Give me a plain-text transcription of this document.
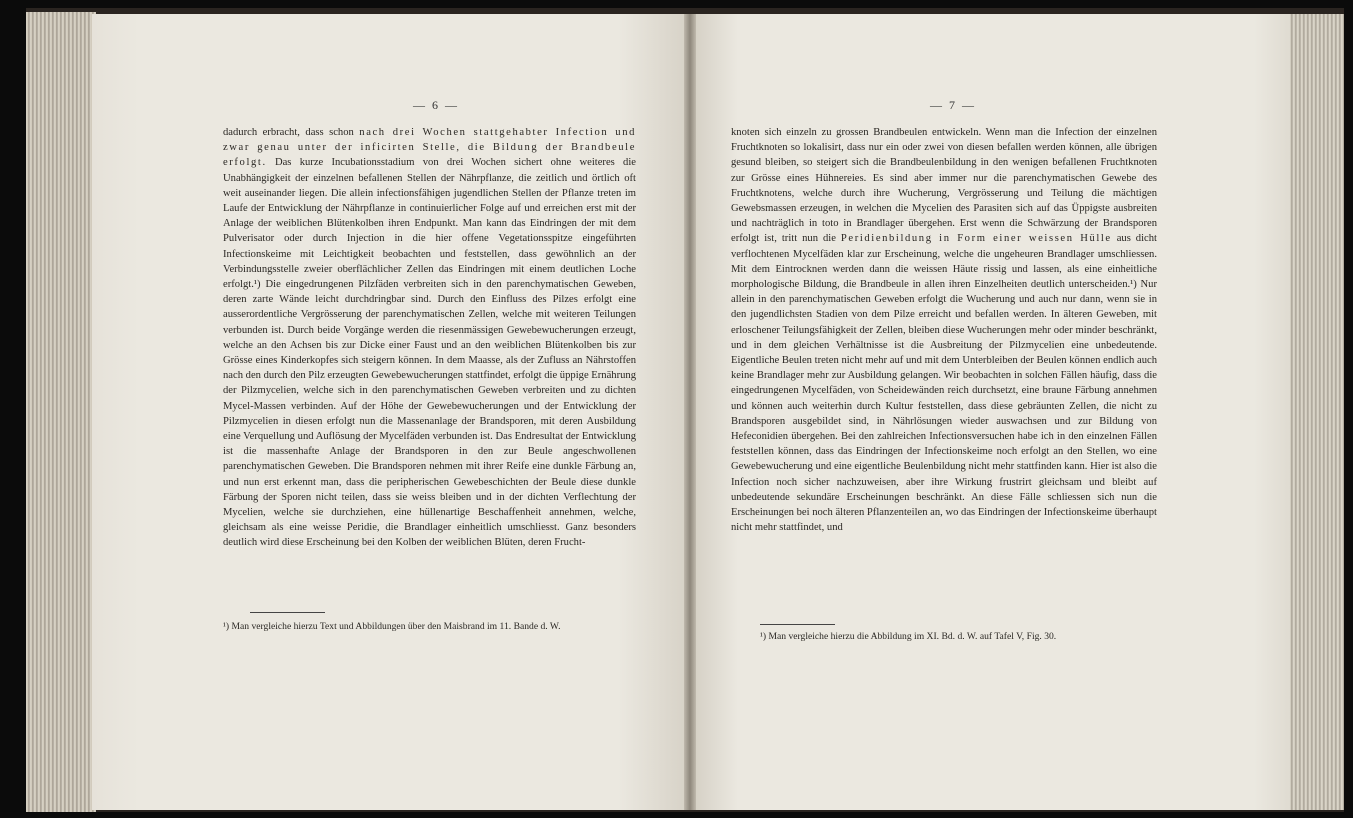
— 6 —

dadurch erbracht, dass schon nach drei Wochen stattgehabter Infection und zwar genau unter der inficirten Stelle, die Bildung der Brandbeule erfolgt. Das kurze Incubationsstadium von drei Wochen sichert ohne weiteres die Unabhängigkeit der einzelnen befallenen Stellen der Nährpflanze, die zeitlich und örtlich oft weit auseinander liegen. Die allein infectionsfähigen jugendlichen Stellen der Pflanze treten im Laufe der Entwicklung der Nährpflanze in continuierlicher Folge auf und erreichen erst mit der Anlage der weiblichen Blütenkolben ihren Endpunkt. Man kann das Eindringen der mit dem Pulverisator oder durch Injection in die hier offene Vegetationsspitze eingeführten Infectionskeime mit Leichtigkeit beobachten und feststellen, dass gewöhnlich an der Verbindungsstelle zweier oberflächlicher Zellen das Eindringen mit einem deutlichen Loche erfolgt.¹) Die eingedrungenen Pilzfäden verbreiten sich in den parenchymatischen Geweben, deren zarte Wände leicht durchdringbar sind. Durch den Einfluss des Pilzes erfolgt eine ausserordentliche Vergrösserung der parenchymatischen Zellen, welche mit weiteren Teilungen verbunden ist. Durch beide Vorgänge werden die riesenmässigen Gewebewucherungen erzeugt, welche an den Achsen bis zur Dicke einer Faust und an den weiblichen Blütenkolben bis zur Grösse eines Kinderkopfes sich steigern können. In dem Maasse, als der Zufluss an Nährstoffen nach den durch den Pilz erzeugten Gewebewucherungen stattfindet, erfolgt die üppige Ernährung der Pilzmycelien, welche sich in den parenchymatischen Geweben verbreiten und zu dichten Mycel-Massen verbinden. Auf der Höhe der Gewebewucherungen und der Entwicklung der Pilzmycelien in diesen erfolgt nun die Massenanlage der Brandsporen, mit deren Ausbildung eine Verquellung und Auflösung der Mycelfäden verbunden ist. Das Endresultat der Entwicklung ist die massenhafte Anlage der Brandsporen in den zur Beule angeschwollenen parenchymatischen Geweben. Die Brandsporen nehmen mit ihrer Reife eine dunkle Färbung an, und nun erst erkennt man, dass die peripherischen Gewebeschichten der Beule diese dunkle Färbung der Sporen nicht teilen, dass sie weiss bleiben und in der dichten Verflechtung der Mycelien, welche sie durchziehen, eine hüllenartige Beschaffenheit annehmen, welche, gleichsam als eine weisse Peridie, die Brandlager einheitlich umschliesst. Ganz besonders deutlich wird diese Erscheinung bei den Kolben der weiblichen Blüten, deren Frucht-

¹) Man vergleiche hierzu Text und Abbildungen über den Maisbrand im 11. Bande d. W.
— 7 —

knoten sich einzeln zu grossen Brandbeulen entwickeln. Wenn man die Infection der einzelnen Fruchtknoten so lokalisirt, dass nur ein oder zwei von diesen befallen werden können, alle übrigen gesund bleiben, so steigert sich die Brandbeulenbildung in den wenigen befallenen Fruchtknoten zur Grösse eines Hühnereies. Es sind aber immer nur die parenchymatischen Gewebe des Fruchtknotens, welche durch ihre Wucherung, Vergrösserung und Teilung die mächtigen Gewebsmassen erzeugen, in welchen die Mycelien des Parasiten sich auf das Üppigste ausbreiten und nachträglich in toto in Brandlager übergehen. Erst wenn die Schwärzung der Brandsporen erfolgt ist, tritt nun die Peridienbildung in Form einer weissen Hülle aus dicht verflochtenen Mycelfäden klar zur Erscheinung, welche die ungeheuren Brandlager umschliessen. Mit dem Eintrocknen werden dann die weissen Häute rissig und lassen, als eine einheitliche morphologische Bildung, die Brandbeule in allen ihren Einzelheiten deutlich unterscheiden.¹) Nur allein in den parenchymatischen Geweben erfolgt die Wucherung und auch nur dann, wenn sie in den jugendlichsten Stadien von dem Pilze erreicht und befallen werden. In älteren Geweben, mit erloschener Teilungsfähigkeit der Zellen, bleiben diese Wucherungen mehr oder minder beschränkt, und in dem gleichen Verhältnisse ist die Ausbreitung der Pilzmycelien eine unbedeutende. Eigentliche Beulen treten nicht mehr auf und mit dem Unterbleiben der Beulen können endlich auch keine Brandlager mehr zur Ausbildung gelangen. Wir beobachten in solchen Fällen häufig, dass die eingedrungenen Mycelfäden, von Scheidewänden reich durchsetzt, eine braune Färbung annehmen und können auch weiterhin durch Kultur feststellen, dass diese gebräunten Zellen, die nicht zu Brandsporen ausgebildet sind, in Nährlösungen wieder auswachsen und zur Bildung von Hefeconidien übergehen. Bei den zahlreichen Infectionsversuchen habe ich in den einzelnen Fällen feststellen können, dass das Eindringen der Infectionskeime noch erfolgt an den Stellen, wo eine Gewebewucherung und eine eigentliche Beulenbildung nicht mehr stattfinden kann. Hier ist also die Infection noch sicher nachzuweisen, aber ihre Wirkung frustrirt gleichsam und bleibt auf unbedeutende sekundäre Erscheinungen beschränkt. An diese Fälle schliessen sich nun die Erscheinungen bei noch älteren Pflanzenteilen an, wo das Eindringen der Infectionskeime überhaupt nicht mehr stattfindet, und

¹) Man vergleiche hierzu die Abbildung im XI. Bd. d. W. auf Tafel V, Fig. 30.
